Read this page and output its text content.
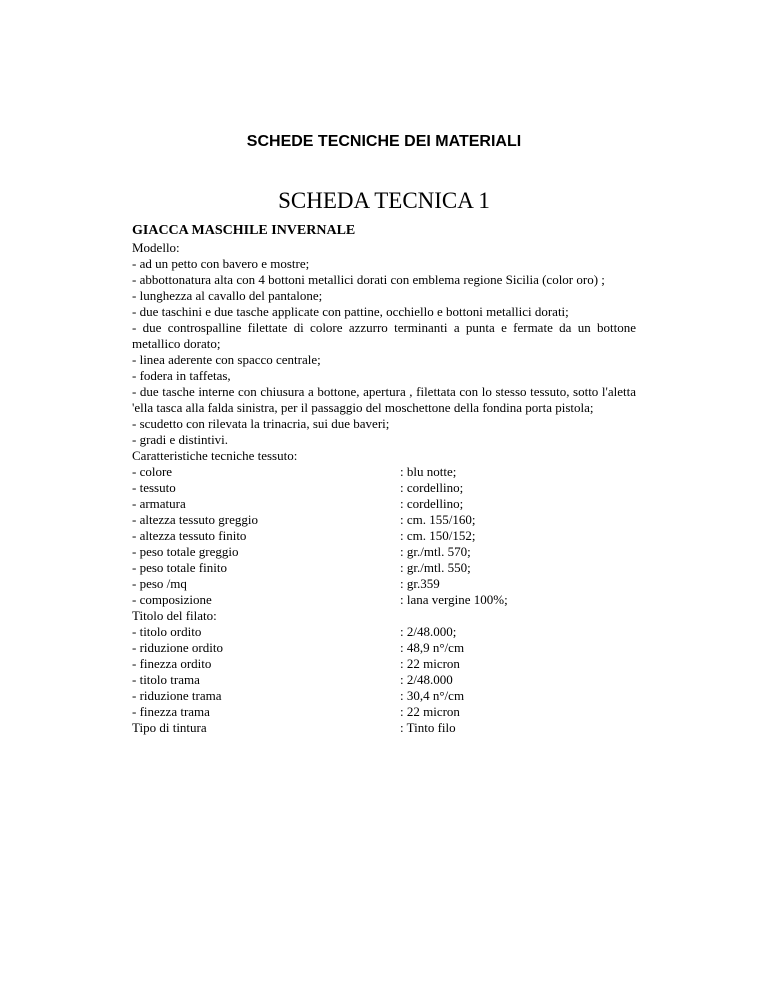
SCHEDE TECNICHE DEI MATERIALI
SCHEDA TECNICA 1

GIACCA MASCHILE INVERNALE

Modello:

- ad un petto con bavero e mostre;

- abbottonatura alta con 4 bottoni metallici dorati con emblema regione Sicilia (color oro) ;

- lunghezza al cavallo del pantalone;

- due taschini e due tasche applicate con pattine, occhiello e bottoni metallici dorati;

- due controspalline filettate di colore azzurro terminanti a punta e fermate da un bottone metallico dorato;

- linea aderente con spacco centrale;

- fodera in taffetas,

- due tasche interne con chiusura a bottone, apertura , filettata con lo stesso tessuto, sotto l'aletta 'ella tasca alla falda sinistra, per il passaggio del moschettone della fondina porta pistola;

- scudetto con rilevata la trinacria, sui due baveri;

- gradi e distintivi.

Caratteristiche tecniche tessuto:

- colore	: blu notte;
- tessuto	: cordellino;
- armatura	: cordellino;
- altezza tessuto greggio	: cm. 155/160;
- altezza tessuto finito	: cm. 150/152;
- peso totale greggio	: gr./mtl. 570;
- peso totale finito	: gr./mtl. 550;
- peso /mq	: gr.359
- composizione	: lana vergine 100%;

Titolo del filato:

- titolo ordito	: 2/48.000;
- riduzione ordito	: 48,9 n°/cm
- finezza ordito	: 22 micron
- titolo trama	: 2/48.000
- riduzione trama	: 30,4 n°/cm
- finezza trama	: 22 micron
Tipo di tintura	: Tinto filo
